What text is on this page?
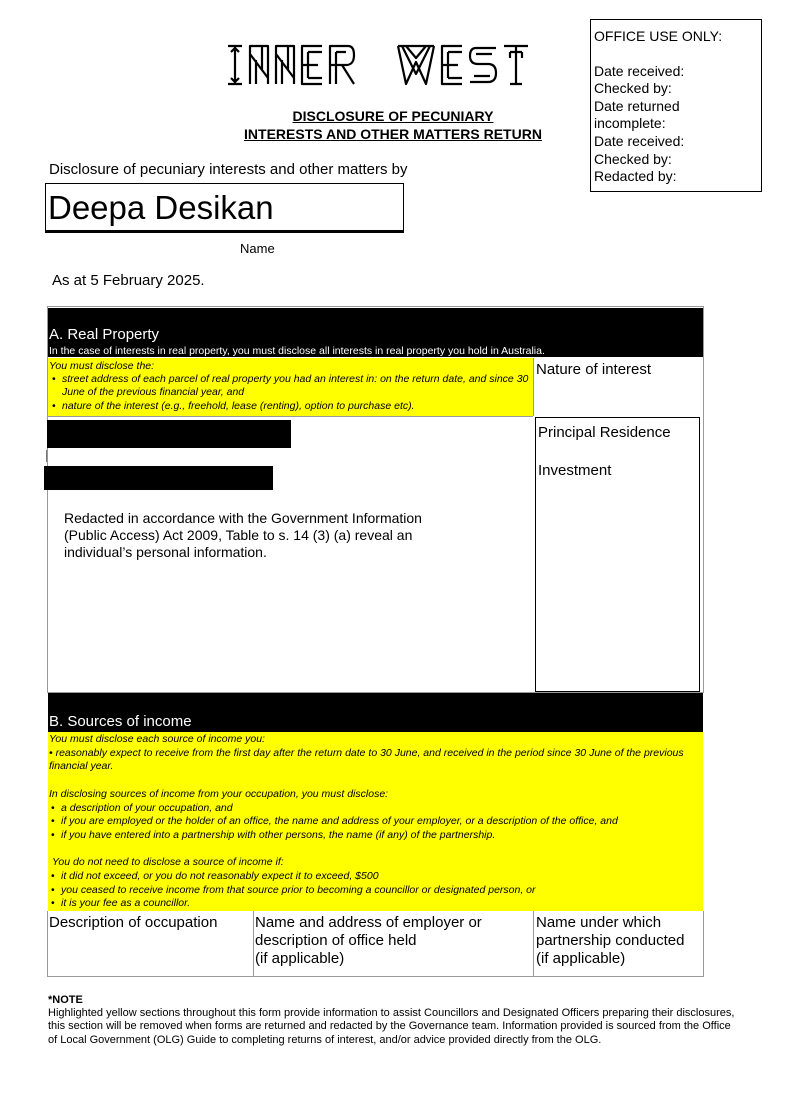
OFFICE USE ONLY:
Date received:
Checked by:
Date returned
incomplete:
Date received:
Checked by:
Redacted by:
DISCLOSURE OF PECUNIARY
INTERESTS AND OTHER MATTERS RETURN
Disclosure of pecuniary interests and other matters by
Deepa Desikan
Name
As at 5 February 2025.
A. Real Property
In the case of interests in real property, you must disclose all interests in real property you hold in Australia.
You must disclose the:
• street address of each parcel of real property you had an interest in: on the return date, and since 30 June of the previous financial year, and
• nature of the interest (e.g., freehold, lease (renting), option to purchase etc).
Nature of interest
Redacted in accordance with the Government Information (Public Access) Act 2009, Table to s. 14 (3) (a) reveal an individual’s personal information.
Principal Residence
Investment
B. Sources of income

You must disclose each source of income you:

• reasonably expect to receive from the first day after the return date to 30 June, and received in the period since 30 June of the previous financial year.

In disclosing sources of income from your occupation, you must disclose:

• a description of your occupation, and
• if you are employed or the holder of an office, the name and address of your employer, or a description of the office, and
• if you have entered into a partnership with other persons, the name (if any) of the partnership.

You do not need to disclose a source of income if:

• it did not exceed, or you do not reasonably expect it to exceed, $500
• you ceased to receive income from that source prior to becoming a councillor or designated person, or
• it is your fee as a councillor.
Description of occupation	Name and address of employer or
description of office held
(if applicable)
Name under which
partnership conducted
(if applicable)
*NOTE
Highlighted yellow sections throughout this form provide information to assist Councillors and Designated Officers preparing their disclosures, this section will be removed when forms are returned and redacted by the Governance team. Information provided is sourced from the Office of Local Government (OLG) Guide to completing returns of interest, and/or advice provided directly from the OLG.
